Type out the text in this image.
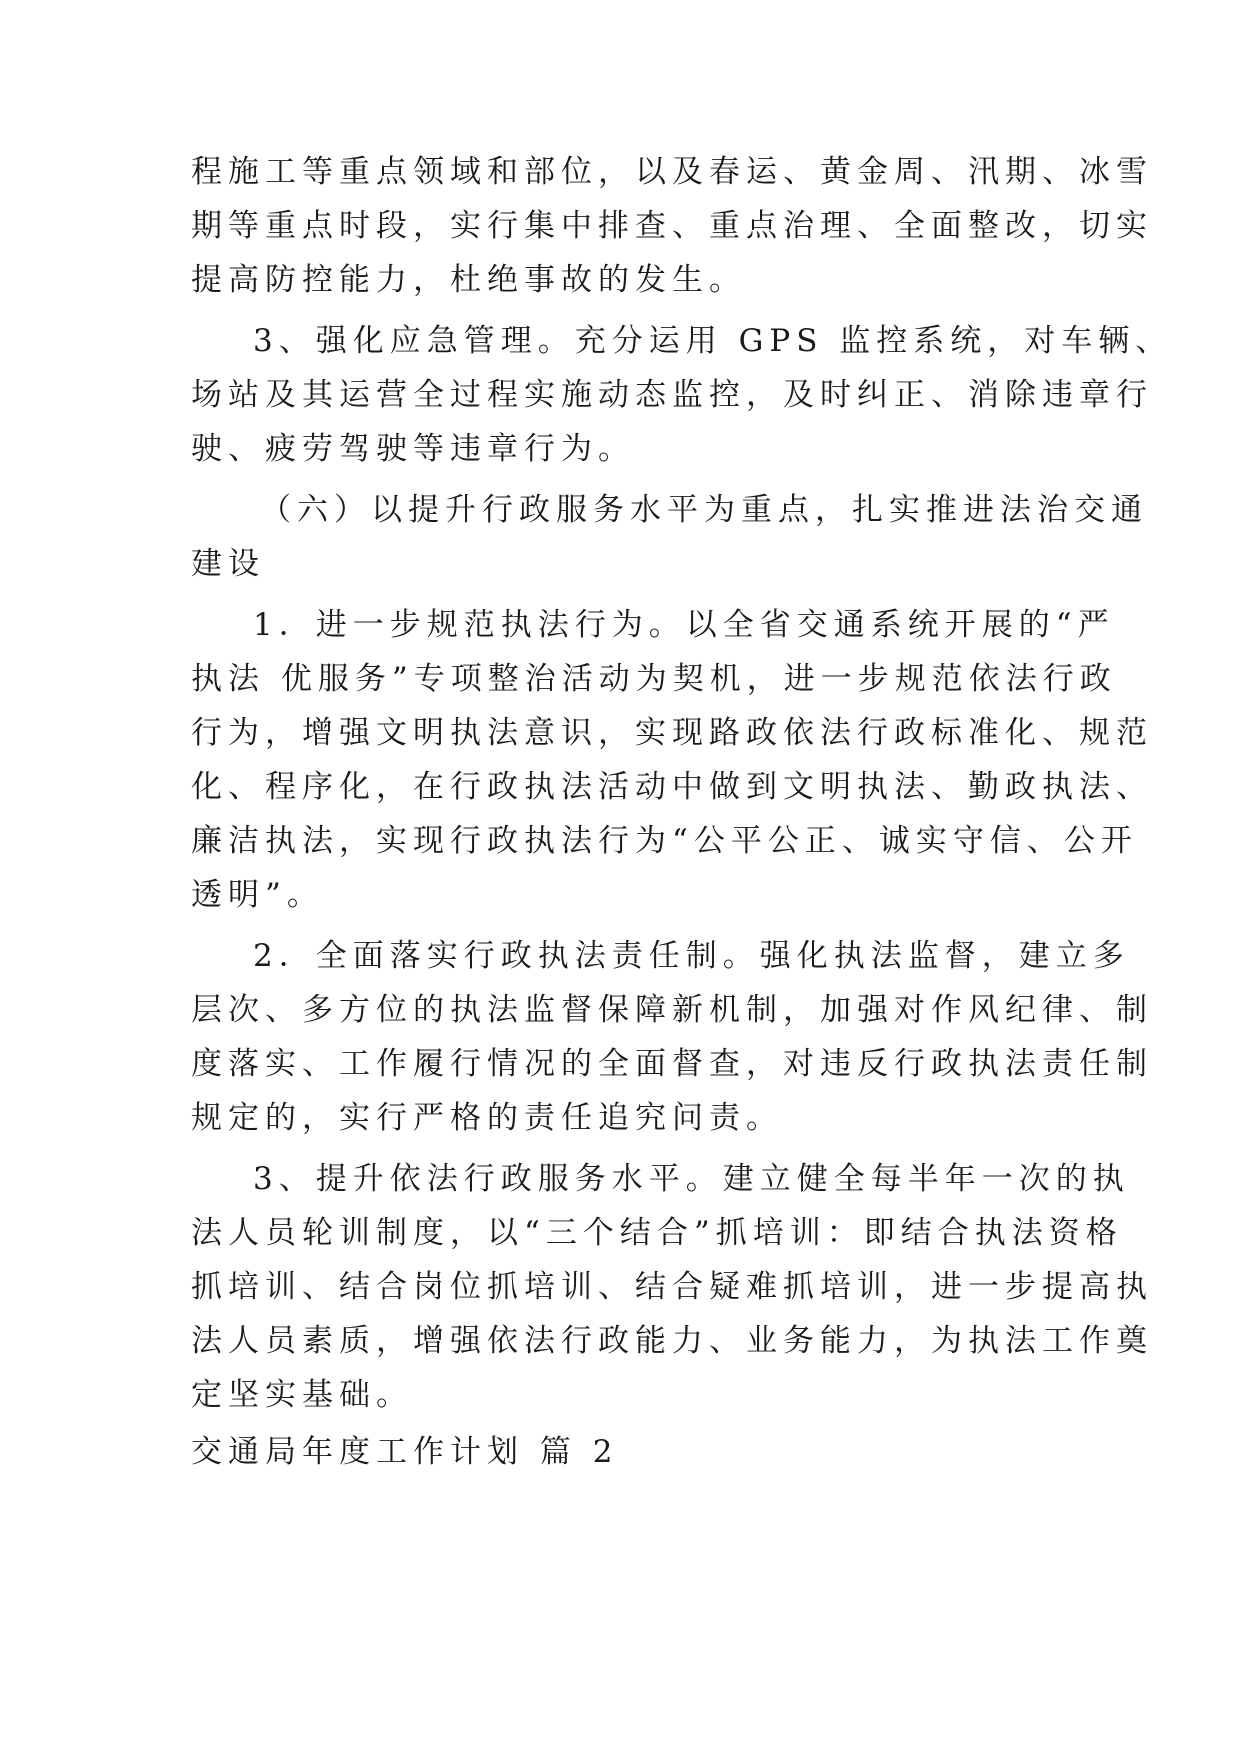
程施工等重点领域和部位，以及春运、黄金周、汛期、冰雪

期等重点时段，实行集中排查、重点治理、全面整改，切实

提高防控能力，杜绝事故的发生。

3、强化应急管理。充分运用 GPS 监控系统，对车辆、

场站及其运营全过程实施动态监控，及时纠正、消除违章行

驶、疲劳驾驶等违章行为。

（六）以提升行政服务水平为重点，扎实推进法治交通

建设

1．进一步规范执法行为。以全省交通系统开展的“严

执法 优服务”专项整治活动为契机，进一步规范依法行政

行为，增强文明执法意识，实现路政依法行政标准化、规范

化、程序化，在行政执法活动中做到文明执法、勤政执法、

廉洁执法，实现行政执法行为“公平公正、诚实守信、公开

透明”。

2．全面落实行政执法责任制。强化执法监督，建立多

层次、多方位的执法监督保障新机制，加强对作风纪律、制

度落实、工作履行情况的全面督查，对违反行政执法责任制

规定的，实行严格的责任追究问责。

3、提升依法行政服务水平。建立健全每半年一次的执

法人员轮训制度，以“三个结合”抓培训：即结合执法资格

抓培训、结合岗位抓培训、结合疑难抓培训，进一步提高执

法人员素质，增强依法行政能力、业务能力，为执法工作奠

定坚实基础。

交通局年度工作计划 篇 2
